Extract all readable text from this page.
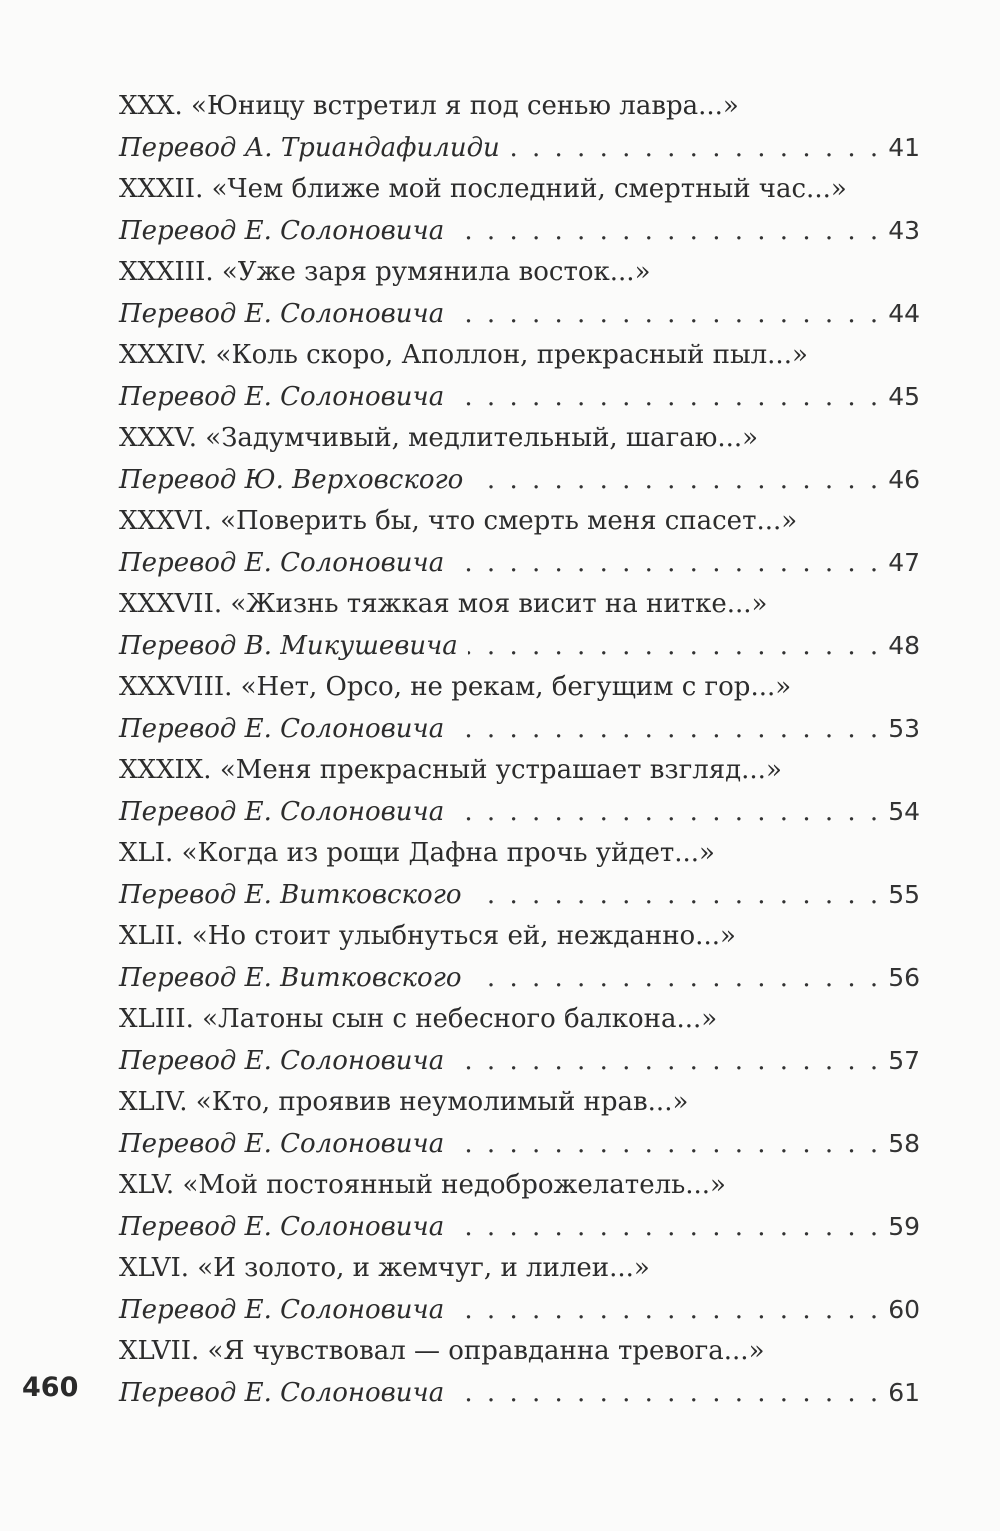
XXX. «Юницу встретил я под сенью лавра...»
Перевод А. Триандафилиди . . .	41
XXXII. «Чем ближе мой последний, смертный час...»
Перевод Е. Солоновича . . .	43
XXXIII. «Уже заря румянила восток...»
Перевод Е. Солоновича . . .	44
XXXIV. «Коль скоро, Аполлон, прекрасный пыл...»
Перевод Е. Солоновича . . .	45
XXXV. «Задумчивый, медлительный, шагаю...»
Перевод Ю. Верховского . . .	46
XXXVI. «Поверить бы, что смерть меня спасет...»
Перевод Е. Солоновича . . .	47
XXXVII. «Жизнь тяжкая моя висит на нитке...»
Перевод В. Микушевича . . .	48
XXXVIII. «Нет, Орсо, не рекам, бегущим с гор...»
Перевод Е. Солоновича . . .	53
XXXIX. «Меня прекрасный устрашает взгляд...»
Перевод Е. Солоновича . . .	54
XLI. «Когда из рощи Дафна прочь уйдет...»
Перевод Е. Витковского . . .	55
XLII. «Но стоит улыбнуться ей, нежданно...»
Перевод Е. Витковского . . .	56
XLIII. «Латоны сын с небесного балкона...»
Перевод Е. Солоновича . . .	57
XLIV. «Кто, проявив неумолимый нрав...»
Перевод Е. Солоновича . . .	58
XLV. «Мой постоянный недоброжелатель...»
Перевод Е. Солоновича . . .	59
XLVI. «И золото, и жемчуг, и лилеи...»
Перевод Е. Солоновича . . .	60
XLVII. «Я чувствовал — оправданна тревога...»
Перевод Е. Солоновича . . .	61
460
